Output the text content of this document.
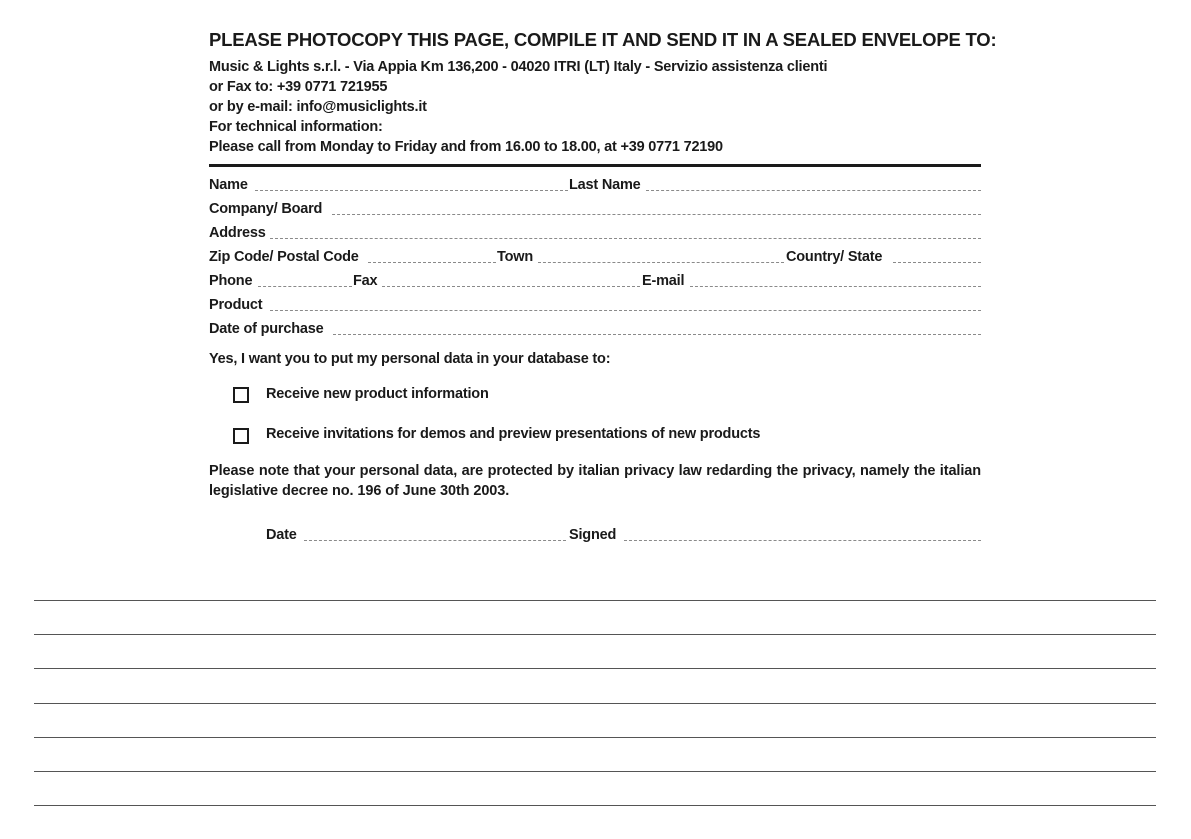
PLEASE PHOTOCOPY THIS PAGE, COMPILE IT AND SEND IT IN A SEALED ENVELOPE TO:
Music & Lights s.r.l. - Via Appia Km 136,200 - 04020 ITRI (LT) Italy - Servizio assistenza clienti
or Fax to: +39 0771 721955
or by e-mail: info@musiclights.it
For technical information:
Please call from Monday to Friday and from 16.00 to 18.00, at +39 0771 72190
Name	Last Name
Company/ Board
Address
Zip Code/ Postal Code	Town	Country/ State
Phone	Fax	E-mail
Product
Date of purchase
Yes, I want you to put my personal data in your database to:
Receive new product information
Receive invitations for demos and preview presentations of new products
Please note that your personal data, are protected by italian privacy law redarding the privacy, namely the italian legislative decree no. 196 of June 30th 2003.
Date	Signed
